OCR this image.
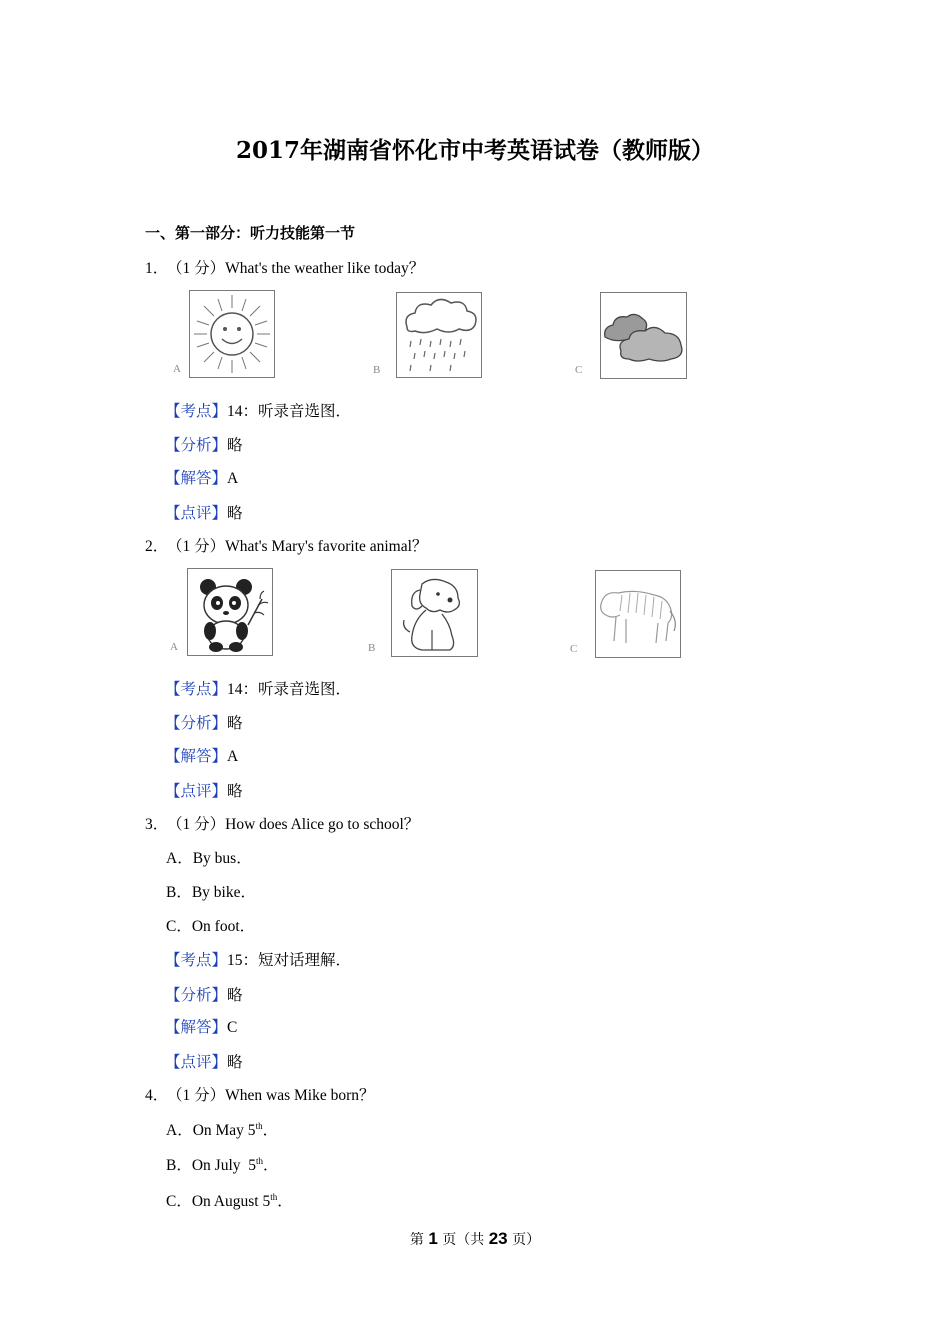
2017年湖南省怀化市中考英语试卷（教师版）
一、第一部分：听力技能第一节
1．（1 分）What's the weather like today？
A	B	C
【考点】14：听录音选图．
【分析】略
【解答】A
【点评】略
2．（1 分）What's Mary's favorite animal？
A	B	C
【考点】14：听录音选图．
【分析】略
【解答】A
【点评】略
3．（1 分）How does Alice go to school？
A．By bus．
B．By bike．
C．On foot．
【考点】15：短对话理解．
【分析】略
【解答】C
【点评】略
4．（1 分）When was Mike born？
A．On May 5th．
B．On July  5th．
C．On August 5th．
第 1 页（共 23 页）
